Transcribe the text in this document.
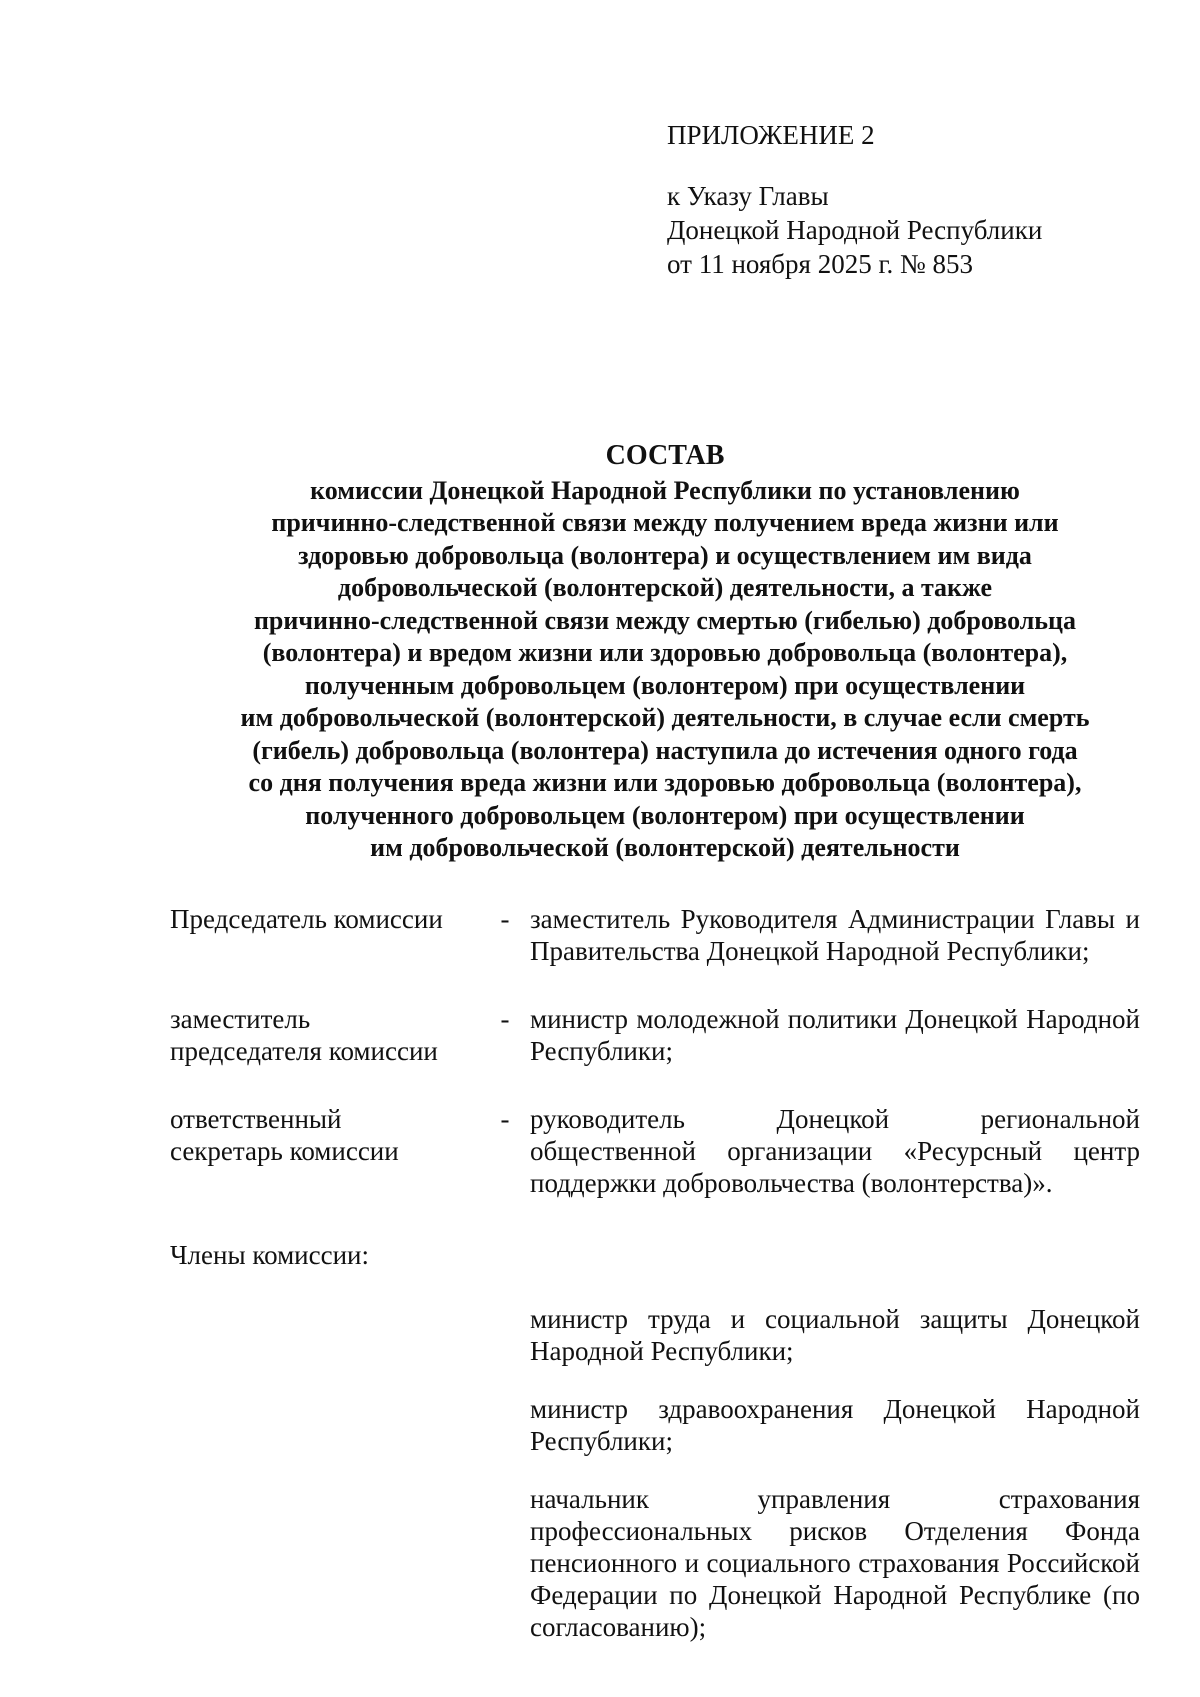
ПРИЛОЖЕНИЕ 2
к Указу Главы
Донецкой Народной Республики
от 11 ноября 2025 г. № 853
СОСТАВ
комиссии Донецкой Народной Республики по установлению
причинно-следственной связи между получением вреда жизни или
здоровью добровольца (волонтера) и осуществлением им вида
добровольческой (волонтерской) деятельности, а также
причинно-следственной связи между смертью (гибелью) добровольца
(волонтера) и вредом жизни или здоровью добровольца (волонтера),
полученным добровольцем (волонтером) при осуществлении
им добровольческой (волонтерской) деятельности, в случае если смерть
(гибель) добровольца (волонтера) наступила до истечения одного года
со дня получения вреда жизни или здоровью добровольца (волонтера),
полученного добровольцем (волонтером) при осуществлении
им добровольческой (волонтерской) деятельности
Председатель комиссии	- заместитель Руководителя Администрации Главы и Правительства Донецкой Народной Республики;
заместитель
председателя комиссии
- министр молодежной политики Донецкой Народной Республики;
ответственный
секретарь комиссии
- руководитель Донецкой региональной общественной организации «Ресурсный центр поддержки добровольчества (волонтерства)».
Члены комиссии:
министр труда и социальной защиты Донецкой Народной Республики;
министр здравоохранения Донецкой Народной Республики;
начальник управления страхования профессиональных рисков Отделения Фонда пенсионного и социального страхования Российской Федерации по Донецкой Народной Республике (по согласованию);
